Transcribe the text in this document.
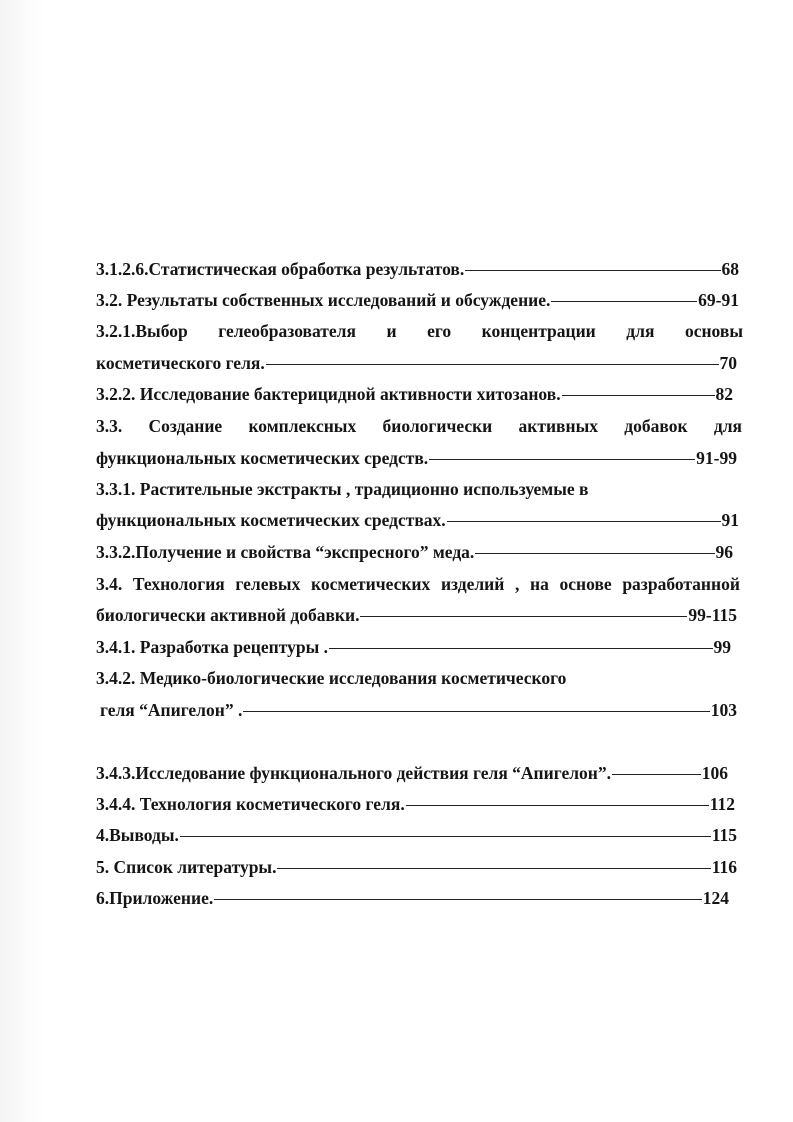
3.1.2.6.Статистическая обработка результатов.	68
3.2. Результаты собственных исследований и обсуждение.	69-91
3.2.1.Выбор гелеобразователя и его концентрации для основы
косметического геля.	70
3.2.2. Исследование бактерицидной активности хитозанов.	82
3.3. Создание комплексных биологически активных добавок для
функциональных косметических средств.	91-99
3.3.1. Растительные экстракты , традиционно используемые в
функциональных косметических средствах.	91
3.3.2.Получение и свойства “экспресного” меда.	96
3.4. Технология гелевых косметических изделий , на основе разработанной
биологически активной добавки.	99-115
3.4.1. Разработка рецептуры .	99
3.4.2. Медико-биологические исследования косметического
геля “Апигелон” .	103
3.4.3.Исследование функционального действия геля “Апигелон”.	106
3.4.4. Технология косметического геля.	112
4.Выводы.	115
5. Список литературы.	116
6.Приложение.	124
